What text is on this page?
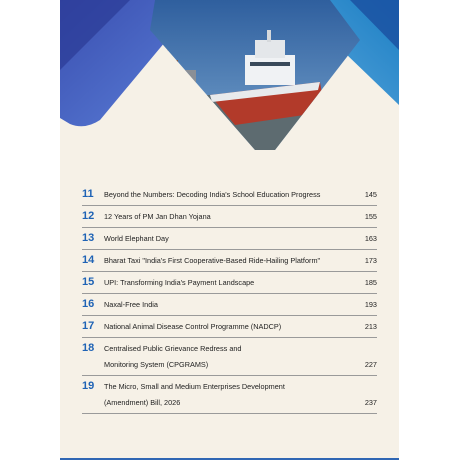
11	Beyond the Numbers: Decoding India's School Education Progress	145
12	12 Years of PM Jan Dhan Yojana	155
13	World Elephant Day	163
14	Bharat Taxi "India's First Cooperative-Based Ride-Hailing Platform"	173
15	UPI: Transforming India's Payment Landscape	185
16	Naxal-Free India	193
17	National Animal Disease Control Programme (NADCP)	213
18	Centralised Public Grievance Redress and
Monitoring System (CPGRAMS)	227
19	The Micro, Small and Medium Enterprises Development
(Amendment) Bill, 2026	237
